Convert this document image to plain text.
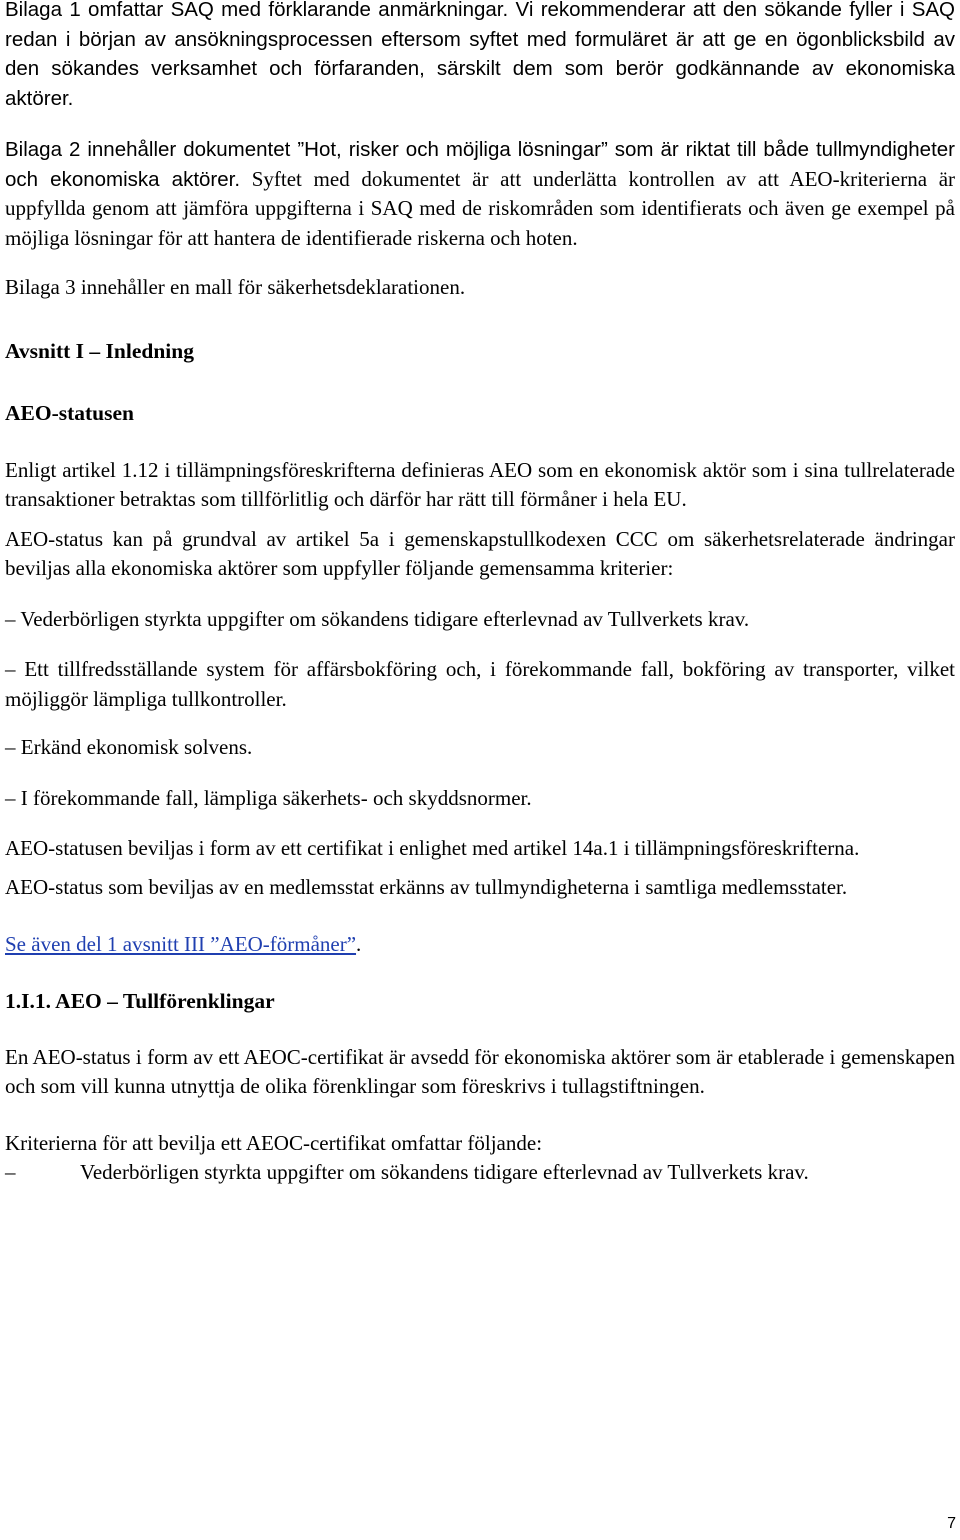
Bilaga 1 omfattar SAQ med förklarande anmärkningar. Vi rekommenderar att den sökande fyller i SAQ redan i början av ansökningsprocessen eftersom syftet med formuläret är att ge en ögonblicksbild av den sökandes verksamhet och förfaranden, särskilt dem som berör godkännande av ekonomiska aktörer.

Bilaga 2 innehåller dokumentet ”Hot, risker och möjliga lösningar” som är riktat till både tullmyndigheter och ekonomiska aktörer. Syftet med dokumentet är att underlätta kontrollen av att AEO-kriterierna är uppfyllda genom att jämföra uppgifterna i SAQ med de riskområden som identifierats och även ge exempel på möjliga lösningar för att hantera de identifierade riskerna och hoten.

Bilaga 3 innehåller en mall för säkerhetsdeklarationen.

Avsnitt I – Inledning

AEO-statusen

Enligt artikel 1.12 i tillämpningsföreskrifterna definieras AEO som en ekonomisk aktör som i sina tullrelaterade transaktioner betraktas som tillförlitlig och därför har rätt till förmåner i hela EU.

AEO-status kan på grundval av artikel 5a i gemenskapstullkodexen CCC om säkerhetsrelaterade ändringar beviljas alla ekonomiska aktörer som uppfyller följande gemensamma kriterier:

– Vederbörligen styrkta uppgifter om sökandens tidigare efterlevnad av Tullverkets krav.

– Ett tillfredsställande system för affärsbokföring och, i förekommande fall, bokföring av transporter, vilket möjliggör lämpliga tullkontroller.

– Erkänd ekonomisk solvens.

– I förekommande fall, lämpliga säkerhets- och skyddsnormer.

AEO-statusen beviljas i form av ett certifikat i enlighet med artikel 14a.1 i tillämpningsföreskrifterna.

AEO-status som beviljas av en medlemsstat erkänns av tullmyndigheterna i samtliga medlemsstater.

Se även del 1 avsnitt III ”AEO-förmåner”.

1.I.1. AEO – Tullförenklingar

En AEO-status i form av ett AEOC-certifikat är avsedd för ekonomiska aktörer som är etablerade i gemenskapen och som vill kunna utnyttja de olika förenklingar som föreskrivs i tullagstiftningen.

Kriterierna för att bevilja ett AEOC-certifikat omfattar följande:

–	Vederbörligen styrkta uppgifter om sökandens tidigare efterlevnad av Tullverkets krav.
7
